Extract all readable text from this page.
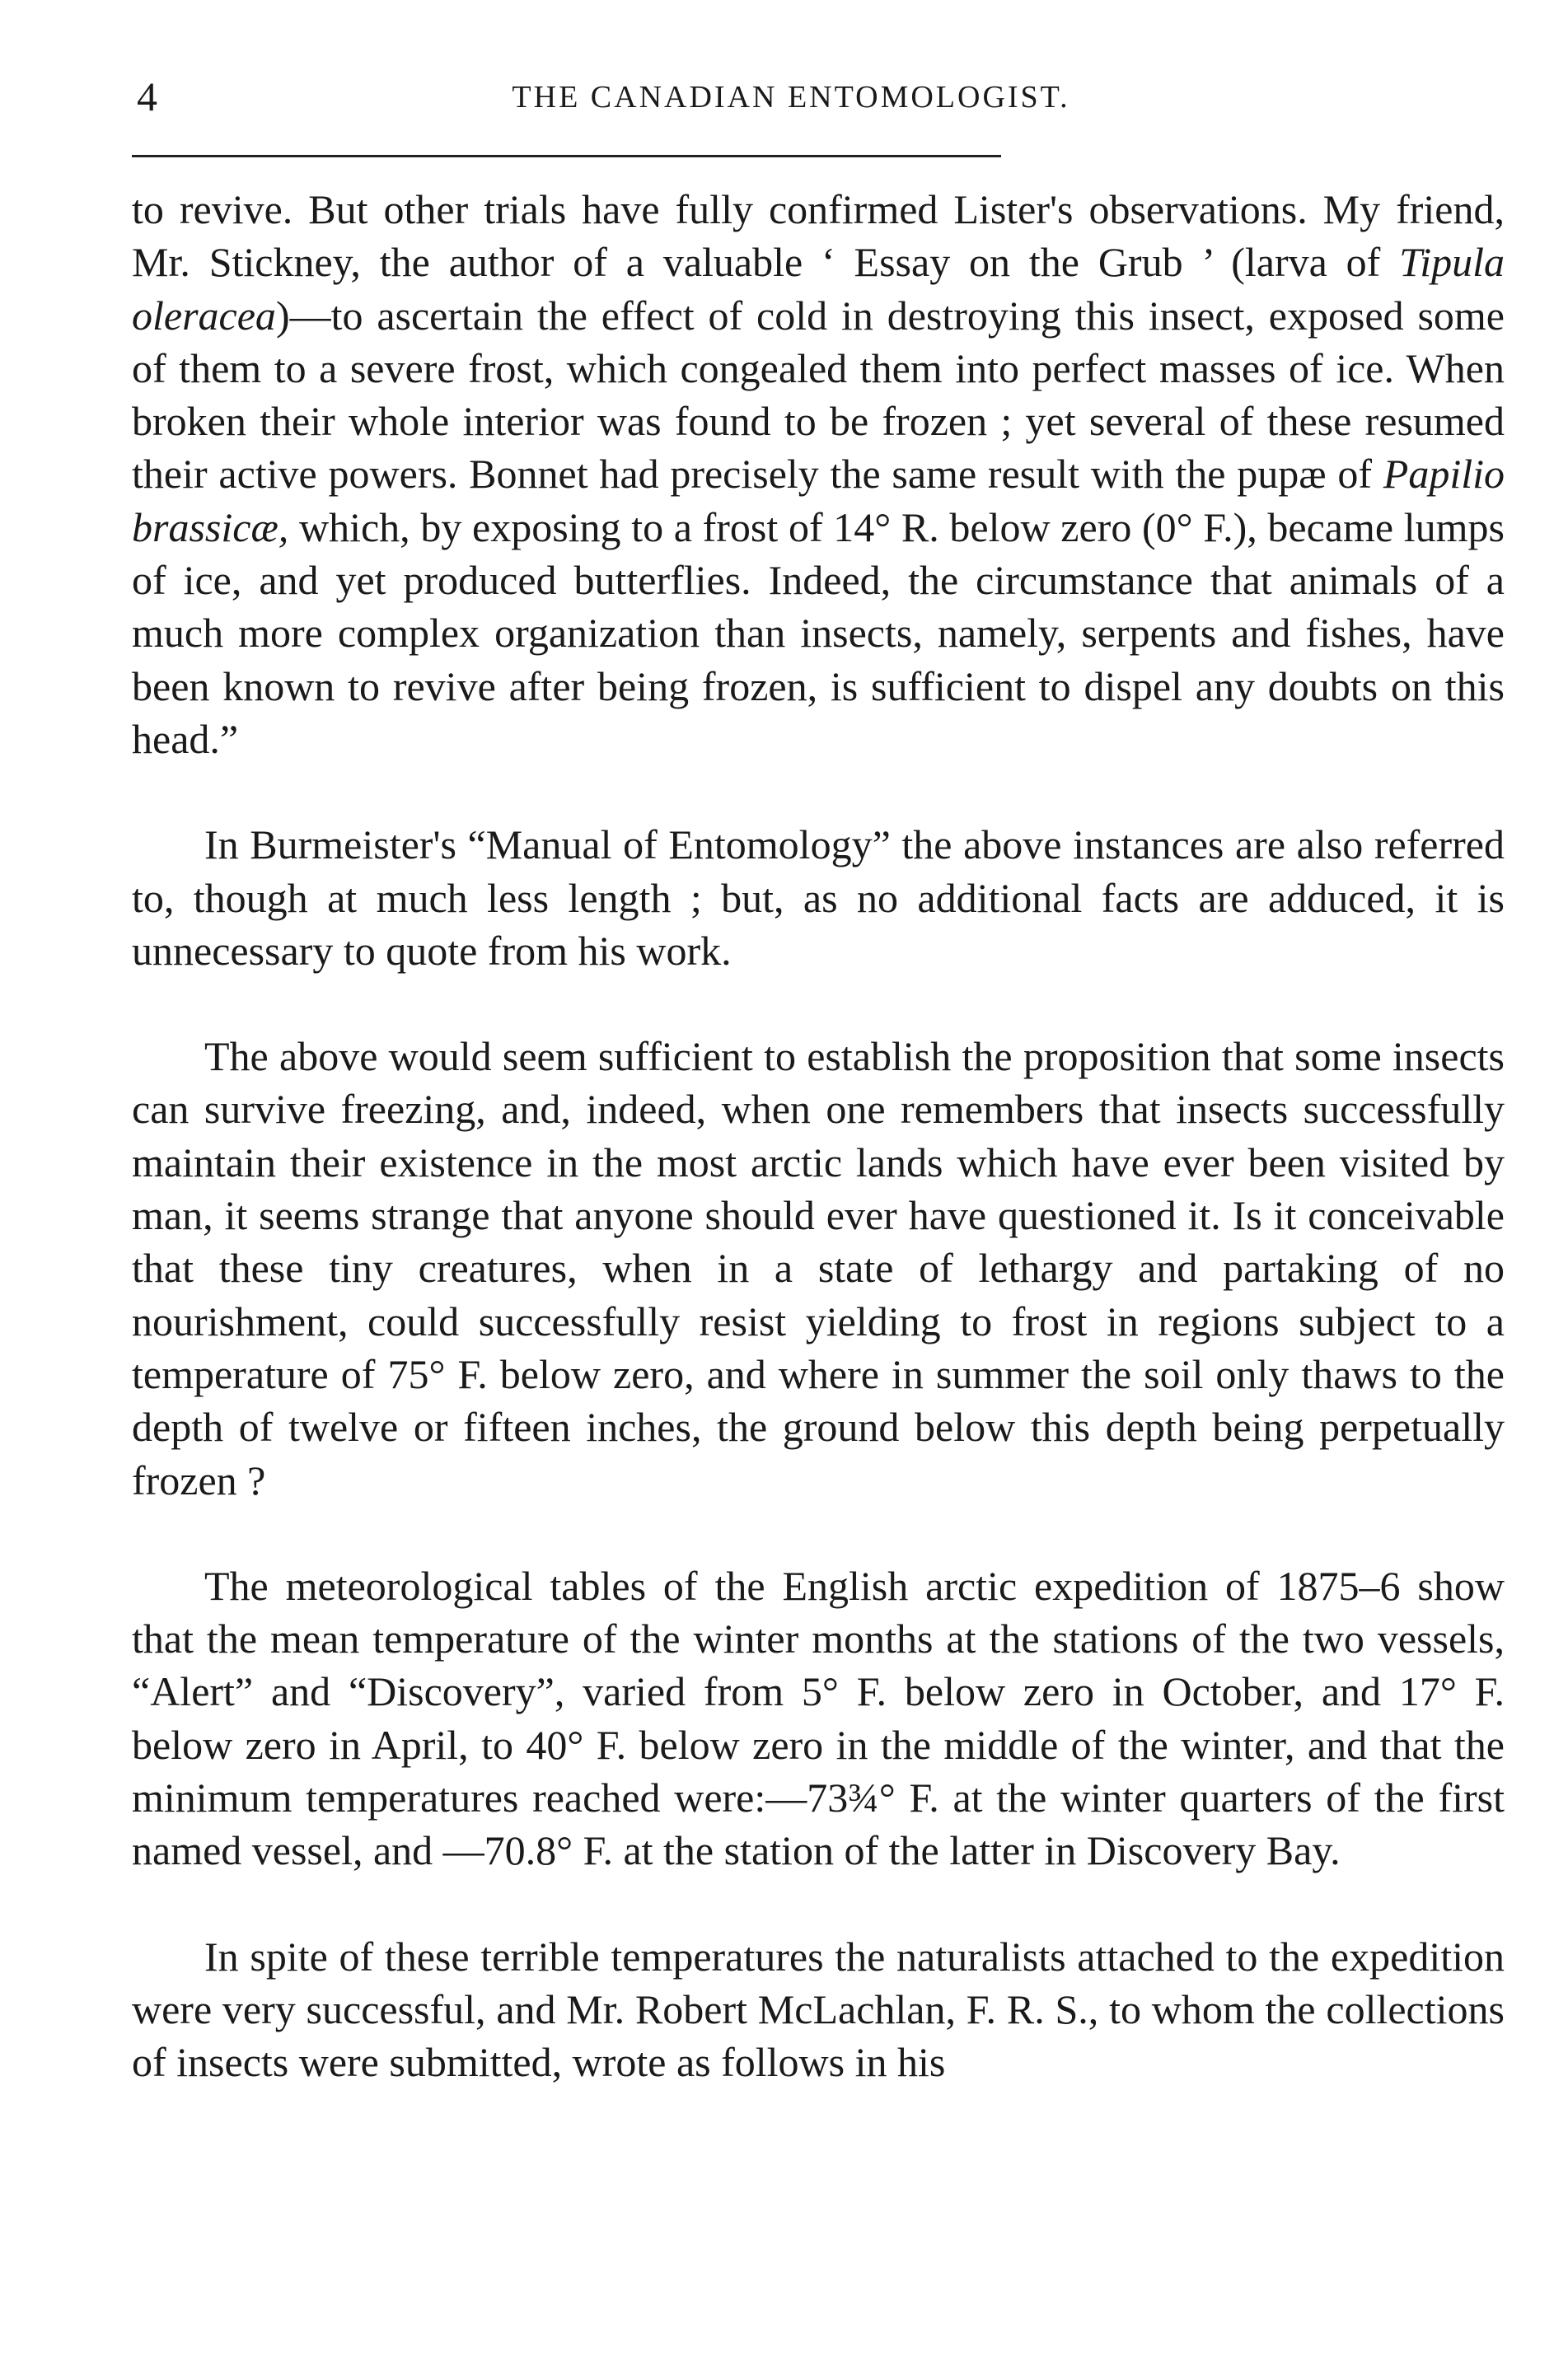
4	THE CANADIAN ENTOMOLOGIST.

to revive. But other trials have fully confirmed Lister's observations. My friend, Mr. Stickney, the author of a valuable ‘ Essay on the Grub ’ (larva of Tipula oleracea)—to ascertain the effect of cold in destroying this insect, exposed some of them to a severe frost, which congealed them into perfect masses of ice. When broken their whole interior was found to be frozen ; yet several of these resumed their active powers. Bonnet had precisely the same result with the pupæ of Papilio brassicæ, which, by exposing to a frost of 14° R. below zero (0° F.), became lumps of ice, and yet produced butterflies. Indeed, the circumstance that animals of a much more complex organization than insects, namely, serpents and fishes, have been known to revive after being frozen, is sufficient to dispel any doubts on this head.”

In Burmeister's “Manual of Entomology” the above instances are also referred to, though at much less length ; but, as no additional facts are adduced, it is unnecessary to quote from his work.

The above would seem sufficient to establish the proposition that some insects can survive freezing, and, indeed, when one remembers that insects successfully maintain their existence in the most arctic lands which have ever been visited by man, it seems strange that anyone should ever have questioned it. Is it conceivable that these tiny creatures, when in a state of lethargy and partaking of no nourishment, could successfully resist yielding to frost in regions subject to a temperature of 75° F. below zero, and where in summer the soil only thaws to the depth of twelve or fifteen inches, the ground below this depth being perpetually frozen ?

The meteorological tables of the English arctic expedition of 1875–6 show that the mean temperature of the winter months at the stations of the two vessels, “Alert” and “Discovery”, varied from 5° F. below zero in October, and 17° F. below zero in April, to 40° F. below zero in the middle of the winter, and that the minimum temperatures reached were:—73¾° F. at the winter quarters of the first named vessel, and —70.8° F. at the station of the latter in Discovery Bay.

In spite of these terrible temperatures the naturalists attached to the expedition were very successful, and Mr. Robert McLachlan, F. R. S., to whom the collections of insects were submitted, wrote as follows in his
